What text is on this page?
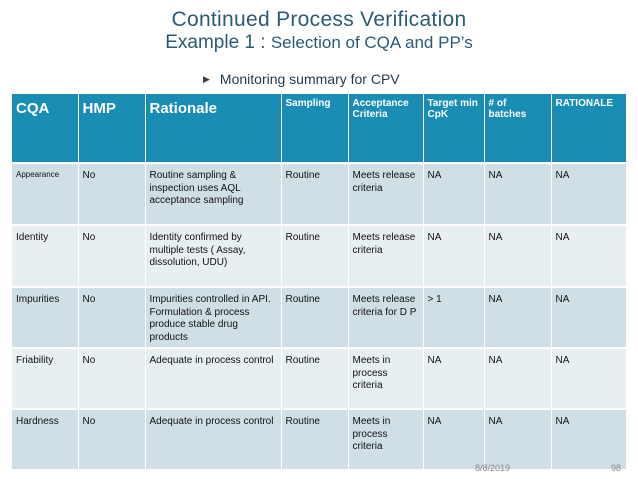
Continued Process Verification
Example 1 : Selection of CQA and PP’s
▶ Monitoring summary for CPV
CQA	HMP	Rationale	Sampling	Acceptance Criteria	Target min CpK	# of batches	RATIONALE
Appearance	No	Routine sampling & inspection uses AQL acceptance sampling	Routine	Meets release criteria	NA	NA	NA
Identity	No	Identity confirmed by multiple tests ( Assay, dissolution, UDU)	Routine	Meets release criteria	NA	NA	NA
Impurities	No	Impurities controlled in API. Formulation & process produce stable drug products	Routine	Meets release criteria for D P	> 1	NA	NA
Friability	No	Adequate in process control	Routine	Meets in process criteria	NA	NA	NA
Hardness	No	Adequate in process control	Routine	Meets in process criteria	NA	NA	NA
8/8/2019	98
